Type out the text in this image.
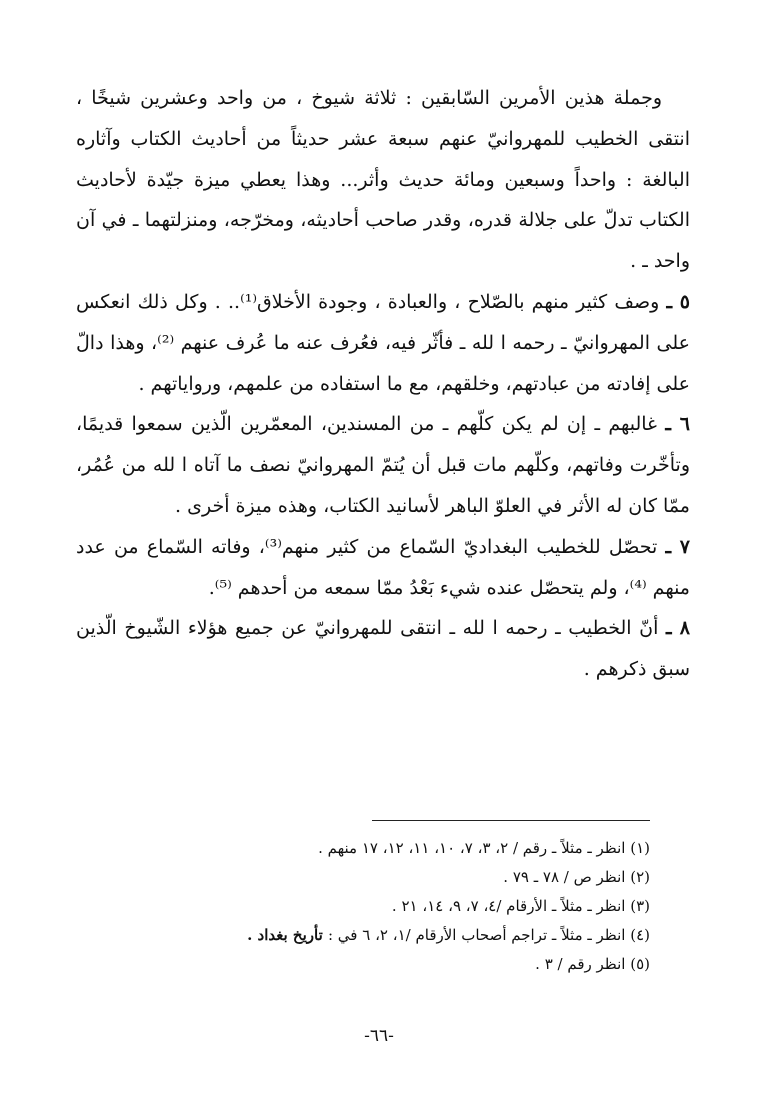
وجملة هذين الأمرين السّابقين : ثلاثة شيوخ ، من واحد وعشرين شيخًا ، انتقى الخطيب للمهروانيّ عنهم سبعة عشر حديثاً من أحاديث الكتاب وآثاره البالغة : واحداً وسبعين ومائة حديث وأثر... وهذا يعطي ميزة جيّدة لأحاديث الكتاب تدلّ على جلالة قدره، وقدر صاحب أحاديثه، ومخرّجه، ومنزلتهما ـ في آن واحد ـ .

٥ ـ وصف كثير منهم بالصّلاح ، والعبادة ، وجودة الأخلاق⁽¹⁾.. . وكل ذلك انعكس على المهروانيّ ـ رحمه ا لله ـ فأثّر فيه، فعُرف عنه ما عُرف عنهم ⁽²⁾، وهذا دالّ على إفادته من عبادتهم، وخلقهم، مع ما استفاده من علمهم، ورواياتهم .

٦ ـ غالبهم ـ إن لم يكن كلّهم ـ من المسندين، المعمّرين الّذين سمعوا قديمًا، وتأخّرت وفاتهم، وكلّهم مات قبل أن يُتمّ المهروانيّ نصف ما آتاه ا لله من عُمُر، ممّا كان له الأثر في العلوّ الباهر لأسانيد الكتاب، وهذه ميزة أخرى .

٧ ـ تحصّل للخطيب البغداديّ السّماع من كثير منهم⁽³⁾، وفاته السّماع من عدد منهم ⁽⁴⁾، ولم يتحصّل عنده شيء بَعْدُ ممّا سمعه من أحدهم ⁽⁵⁾.

٨ ـ أنّ الخطيب ـ رحمه ا لله ـ انتقى للمهروانيّ عن جميع هؤلاء الشّيوخ الّذين سبق ذكرهم .

(١) انظر ـ مثلاً ـ رقم / ٢، ٣، ٧، ١٠، ١١، ١٢، ١٧ منهم .

(٢) انظر ص / ٧٨ ـ ٧٩ .

(٣) انظر ـ مثلاً ـ الأرقام /٤، ٧، ٩، ١٤، ٢١ .

(٤) انظر ـ مثلاً ـ تراجم أصحاب الأرقام /١، ٢، ٦ في : تأريخ بغداد .

(٥) انظر رقم / ٣ .

-٦٦-
